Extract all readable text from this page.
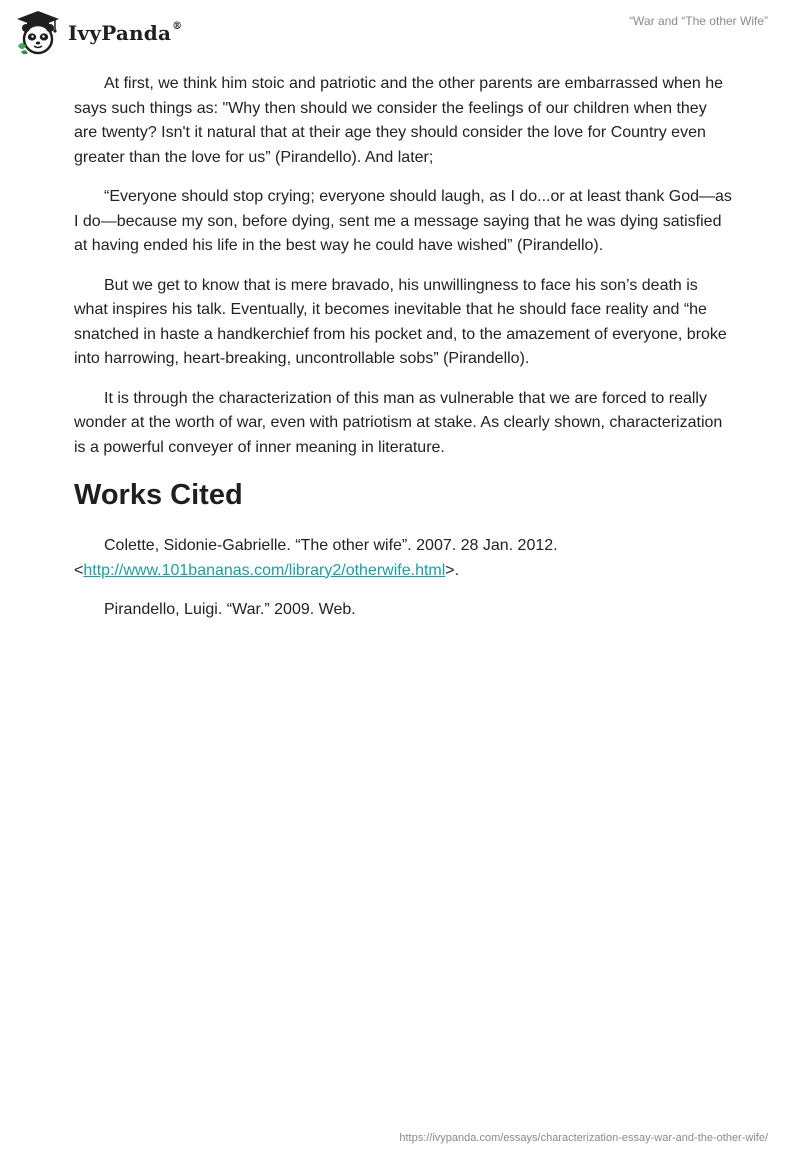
IvyPanda®	“War and “The other Wife”

At first, we think him stoic and patriotic and the other parents are embarrassed when he says such things as: "Why then should we consider the feelings of our children when they are twenty? Isn't it natural that at their age they should consider the love for Country even greater than the love for us” (Pirandello). And later;

“Everyone should stop crying; everyone should laugh, as I do...or at least thank God—as I do—because my son, before dying, sent me a message saying that he was dying satisfied at having ended his life in the best way he could have wished” (Pirandello).

But we get to know that is mere bravado, his unwillingness to face his son’s death is what inspires his talk. Eventually, it becomes inevitable that he should face reality and “he snatched in haste a handkerchief from his pocket and, to the amazement of everyone, broke into harrowing, heart-breaking, uncontrollable sobs” (Pirandello).

It is through the characterization of this man as vulnerable that we are forced to really wonder at the worth of war, even with patriotism at stake. As clearly shown, characterization is a powerful conveyer of inner meaning in literature.

Works Cited

Colette, Sidonie-Gabrielle. “The other wife”. 2007. 28 Jan. 2012.
<http://www.101bananas.com/library2/otherwife.html>.

Pirandello, Luigi. “War.” 2009. Web.

https://ivypanda.com/essays/characterization-essay-war-and-the-other-wife/
